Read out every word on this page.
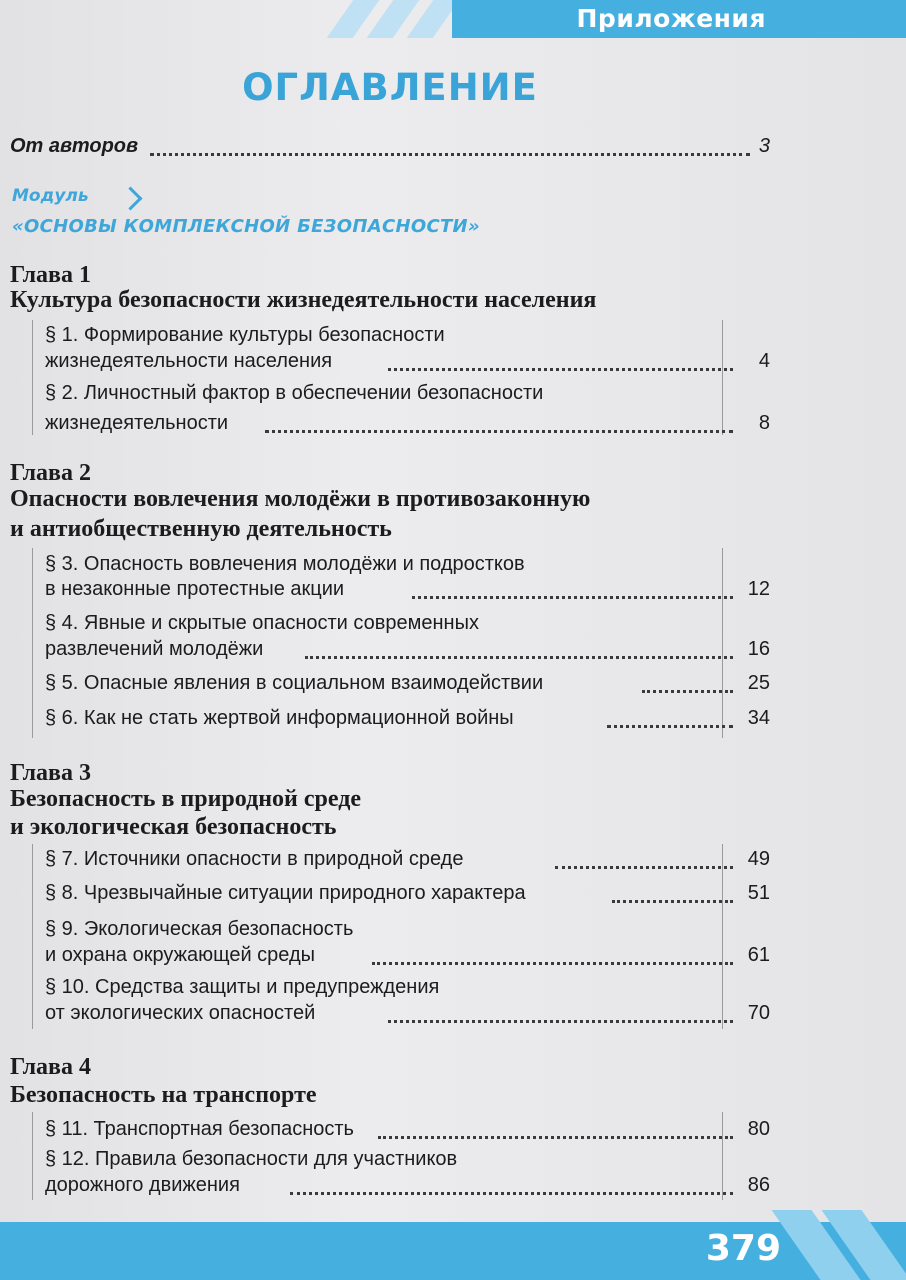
Приложения
ОГЛАВЛЕНИЕ
От авторов	3
Модуль
«ОСНОВЫ КОМПЛЕКСНОЙ БЕЗОПАСНОСТИ»
Глава 1
Культура безопасности жизнедеятельности населения
§ 1. Формирование культуры безопасности
жизнедеятельности населения	4
§ 2. Личностный фактор в обеспечении безопасности
жизнедеятельности	8
Глава 2
Опасности вовлечения молодёжи в противозаконную
и антиобщественную деятельность
§ 3. Опасность вовлечения молодёжи и подростков
в незаконные протестные акции	12
§ 4. Явные и скрытые опасности современных
развлечений молодёжи	16
§ 5. Опасные явления в социальном взаимодействии	25
§ 6. Как не стать жертвой информационной войны	34
Глава 3
Безопасность в природной среде
и экологическая безопасность
§ 7. Источники опасности в природной среде	49
§ 8. Чрезвычайные ситуации природного характера	51
§ 9. Экологическая безопасность
и охрана окружающей среды	61
§ 10. Средства защиты и предупреждения
от экологических опасностей	70
Глава 4
Безопасность на транспорте
§ 11. Транспортная безопасность	80
§ 12. Правила безопасности для участников
дорожного движения	86
379
